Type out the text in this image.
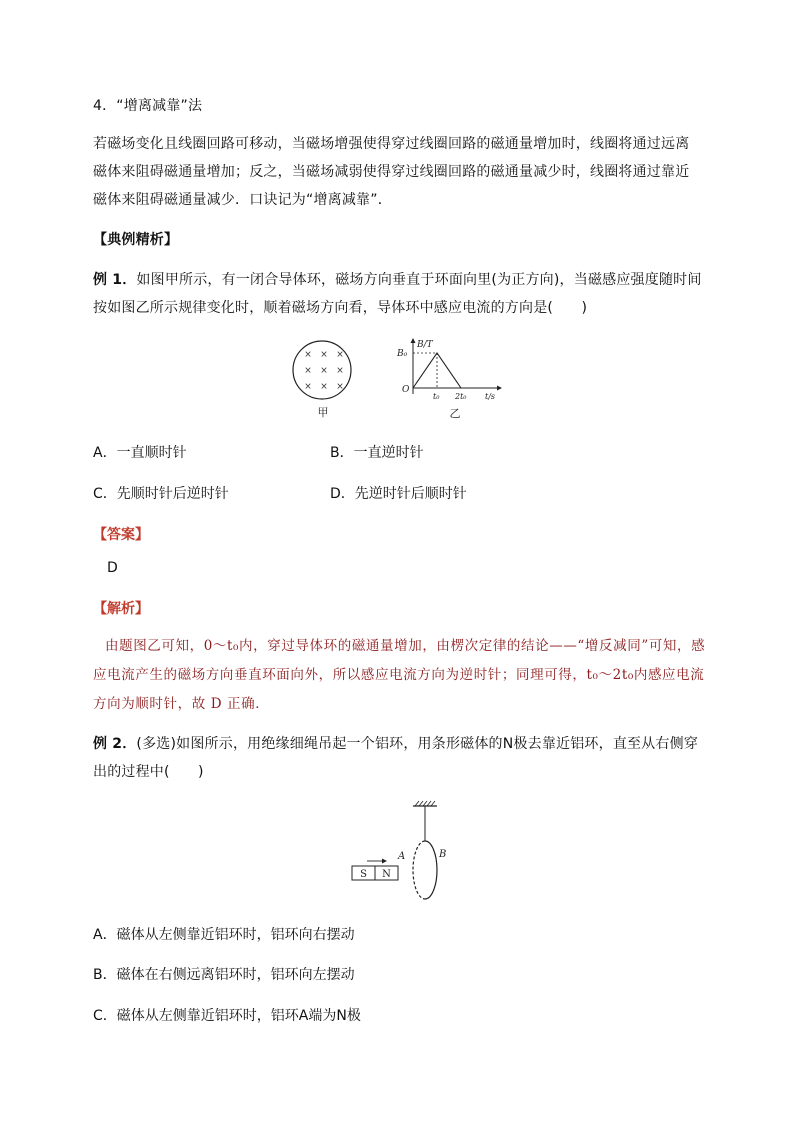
4．“增离减靠”法
若磁场变化且线圈回路可移动，当磁场增强使得穿过线圈回路的磁通量增加时，线圈将通过远离磁体来阻碍磁通量增加；反之，当磁场减弱使得穿过线圈回路的磁通量减少时，线圈将通过靠近磁体来阻碍磁通量减少．口诀记为“增离减靠”．
【典例精析】
例 1．如图甲所示，有一闭合导体环，磁场方向垂直于环面向里(为正方向)，当磁感应强度随时间按如图乙所示规律变化时，顺着磁场方向看，导体环中感应电流的方向是(　　)
× × ×
× × ×
× × ×
甲
B/T
B₀
O
t₀ 2t₀ t/s
乙
A．一直顺时针	B．一直逆时针
C．先顺时针后逆时针	D．先逆时针后顺时针
【答案】
D
【解析】
由题图乙可知，0～t₀内，穿过导体环的磁通量增加，由楞次定律的结论——“增反减同”可知，感应电流产生的磁场方向垂直环面向外，所以感应电流方向为逆时针；同理可得，t₀～2t₀内感应电流方向为顺时针，故 D 正确．
例 2．(多选)如图所示，用绝缘细绳吊起一个铝环，用条形磁体的N极去靠近铝环，直至从右侧穿出的过程中(　　)
S N
A	B
A．磁体从左侧靠近铝环时，铝环向右摆动
B．磁体在右侧远离铝环时，铝环向左摆动
C．磁体从左侧靠近铝环时，铝环A端为N极
